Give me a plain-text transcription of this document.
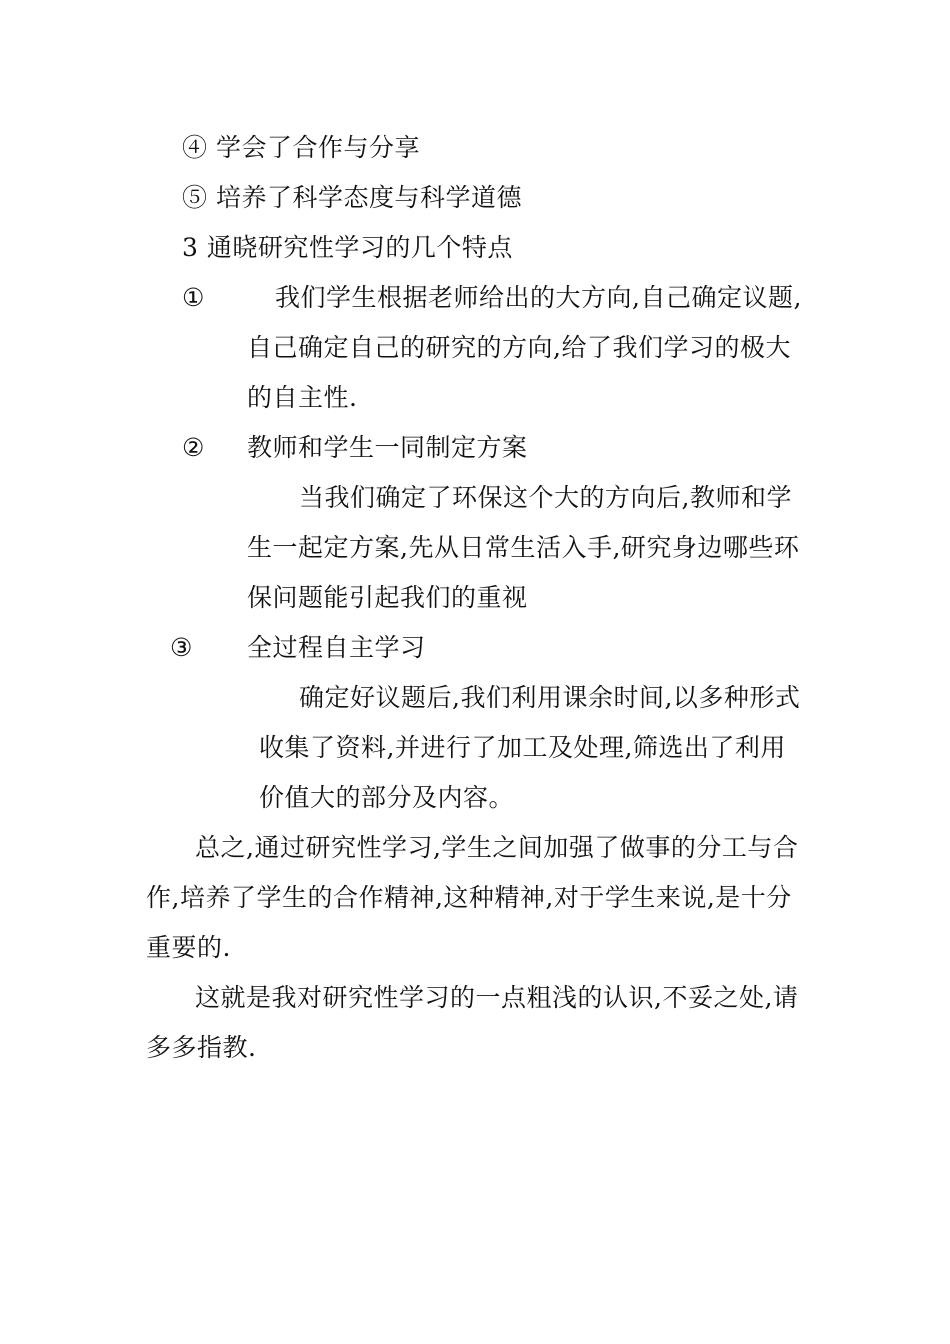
④ 学会了合作与分享
⑤ 培养了科学态度与科学道德
3 通晓研究性学习的几个特点
①	我们学生根据老师给出的大方向,自己确定议题,
自己确定自己的研究的方向,给了我们学习的极大
的自主性.
② 教师和学生一同制定方案
当我们确定了环保这个大的方向后,教师和学
生一起定方案,先从日常生活入手,研究身边哪些环
保问题能引起我们的重视
③ 全过程自主学习
确定好议题后,我们利用课余时间,以多种形式
收集了资料,并进行了加工及处理,筛选出了利用
价值大的部分及内容。
总之,通过研究性学习,学生之间加强了做事的分工与合
作,培养了学生的合作精神,这种精神,对于学生来说,是十分
重要的.
这就是我对研究性学习的一点粗浅的认识,不妥之处,请
多多指教.
